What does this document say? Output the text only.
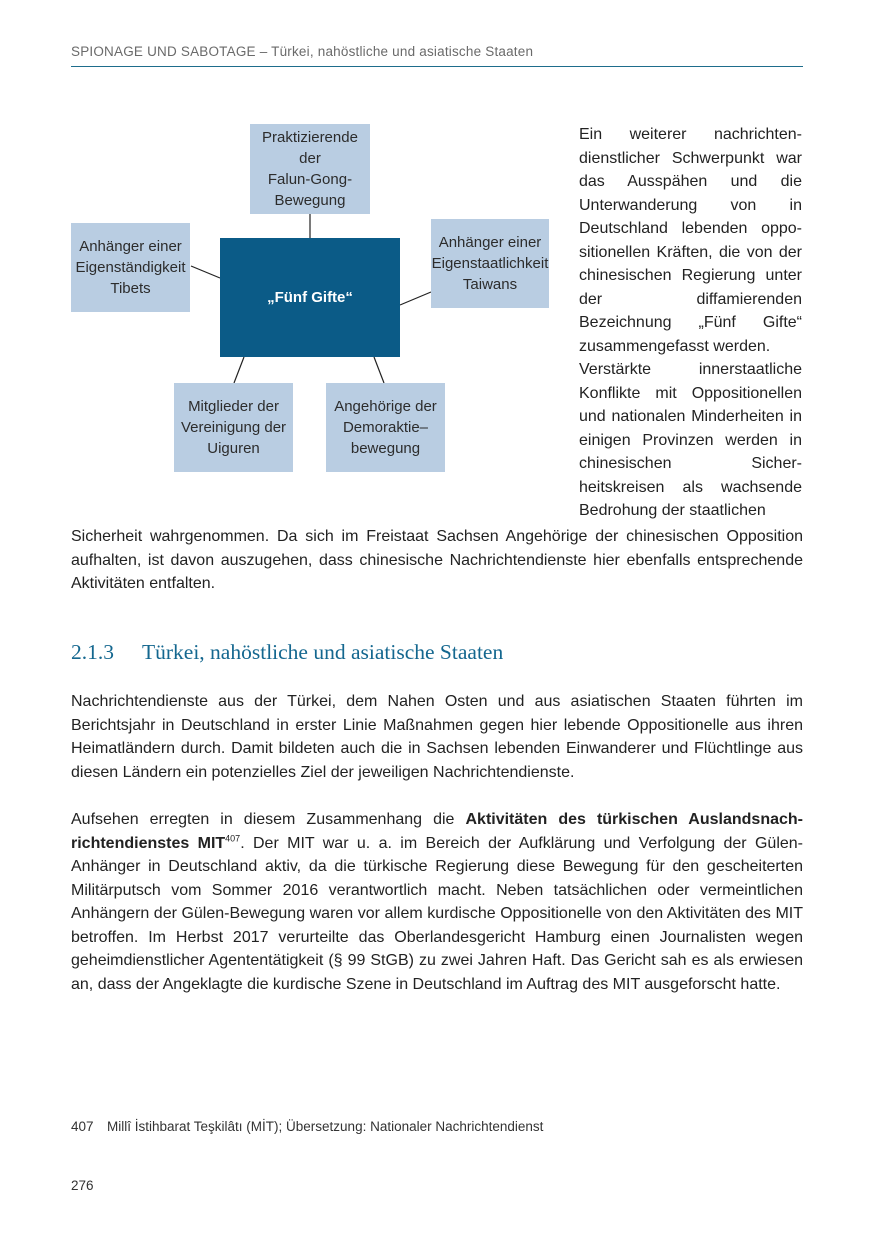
SPIONAGE UND SABOTAGE – Türkei, nahöstliche und asiatische Staaten
Praktizierende
der
Falun-Gong-
Bewegung
Anhänger einer
Eigenständigkeit
Tibets
Anhänger einer
Eigenstaatlichkeit
Taiwans
„Fünf Gifte“
Mitglieder der
Vereinigung der
Uiguren
Angehörige der
Demoraktie–
bewegung

Ein weiterer nachrichtendienstlicher Schwerpunkt war das Ausspähen und die Unterwanderung von in Deutschland lebenden oppositionellen Kräften, die von der chinesischen Regierung unter der diffamierenden Bezeichnung „Fünf Gifte“ zusammengefasst werden.

Verstärkte innerstaatliche Konflikte mit Oppositionellen und nationalen Minderheiten in einigen Provinzen werden in chinesischen Sicherheitskreisen als wachsende Bedrohung der staatlichen

Sicherheit wahrgenommen. Da sich im Freistaat Sachsen Angehörige der chinesischen Opposition aufhalten, ist davon auszugehen, dass chinesische Nachrichtendienste hier ebenfalls entsprechende Aktivitäten entfalten.
2.1.3 Türkei, nahöstliche und asiatische Staaten
Nachrichtendienste aus der Türkei, dem Nahen Osten und aus asiatischen Staaten führten im Berichtsjahr in Deutschland in erster Linie Maßnahmen gegen hier lebende Oppositionelle aus ihren Heimatländern durch. Damit bildeten auch die in Sachsen lebenden Einwanderer und Flüchtlinge aus diesen Ländern ein potenzielles Ziel der jeweiligen Nachrichtendienste.
Aufsehen erregten in diesem Zusammenhang die Aktivitäten des türkischen Auslandsnachrichtendienstes MIT$^{407}$. Der MIT war u. a. im Bereich der Aufklärung und Verfolgung der Gülen-Anhänger in Deutschland aktiv, da die türkische Regierung diese Bewegung für den gescheiterten Militärputsch vom Sommer 2016 verantwortlich macht. Neben tatsächlichen oder vermeintlichen Anhängern der Gülen-Bewegung waren vor allem kurdische Oppositionelle von den Aktivitäten des MIT betroffen. Im Herbst 2017 verurteilte das Oberlandesgericht Hamburg einen Journalisten wegen geheimdienstlicher Agententätigkeit (§ 99 StGB) zu zwei Jahren Haft. Das Gericht sah es als erwiesen an, dass der Angeklagte die kurdische Szene in Deutschland im Auftrag des MIT ausgeforscht hatte.
407 Millî İstihbarat Teşkilâtı (MİT); Übersetzung: Nationaler Nachrichtendienst
276
